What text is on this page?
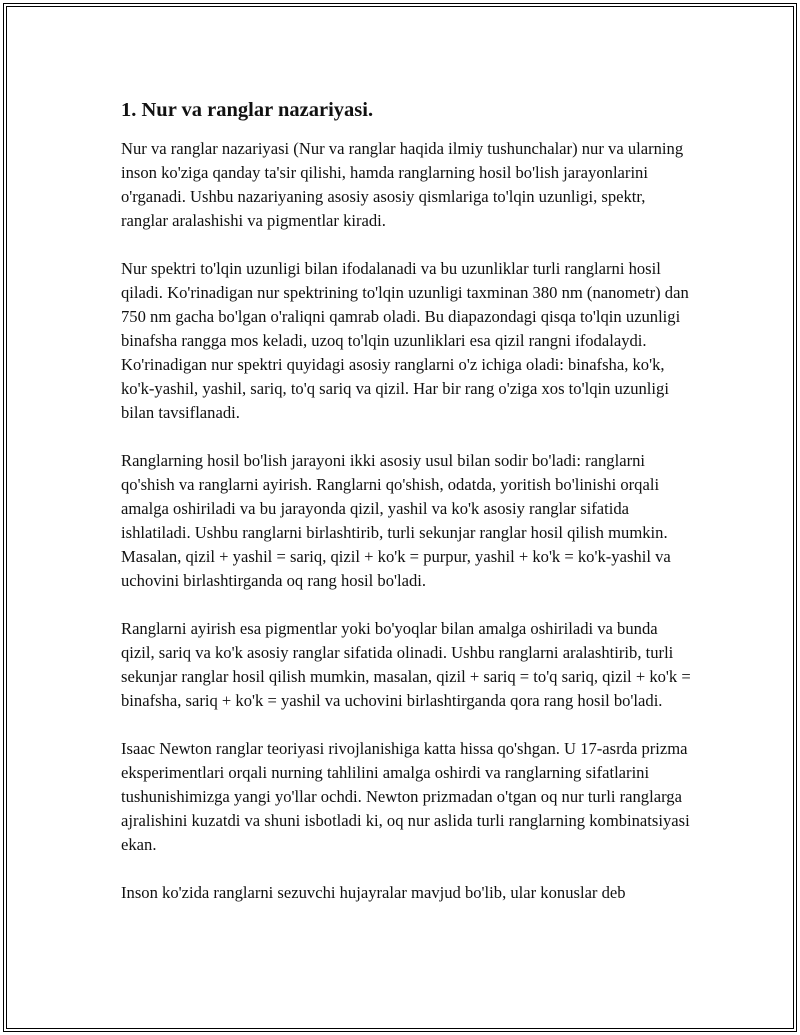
1. Nur va ranglar nazariyasi.

Nur va ranglar nazariyasi (Nur va ranglar haqida ilmiy tushunchalar) nur va ularning inson ko'ziga qanday ta'sir qilishi, hamda ranglarning hosil bo'lish jarayonlarini o'rganadi. Ushbu nazariyaning asosiy asosiy qismlariga to'lqin uzunligi, spektr, ranglar aralashishi va pigmentlar kiradi.

Nur spektri to'lqin uzunligi bilan ifodalanadi va bu uzunliklar turli ranglarni hosil qiladi. Ko'rinadigan nur spektrining to'lqin uzunligi taxminan 380 nm (nanometr) dan 750 nm gacha bo'lgan o'raliqni qamrab oladi. Bu diapazondagi qisqa to'lqin uzunligi binafsha rangga mos keladi, uzoq to'lqin uzunliklari esa qizil rangni ifodalaydi. Ko'rinadigan nur spektri quyidagi asosiy ranglarni o'z ichiga oladi: binafsha, ko'k, ko'k-yashil, yashil, sariq, to'q sariq va qizil. Har bir rang o'ziga xos to'lqin uzunligi bilan tavsiflanadi.

Ranglarning hosil bo'lish jarayoni ikki asosiy usul bilan sodir bo'ladi: ranglarni qo'shish va ranglarni ayirish. Ranglarni qo'shish, odatda, yoritish bo'linishi orqali amalga oshiriladi va bu jarayonda qizil, yashil va ko'k asosiy ranglar sifatida ishlatiladi. Ushbu ranglarni birlashtirib, turli sekunjar ranglar hosil qilish mumkin. Masalan, qizil + yashil = sariq, qizil + ko'k = purpur, yashil + ko'k = ko'k-yashil va uchovini birlashtirganda oq rang hosil bo'ladi.

Ranglarni ayirish esa pigmentlar yoki bo'yoqlar bilan amalga oshiriladi va bunda qizil, sariq va ko'k asosiy ranglar sifatida olinadi. Ushbu ranglarni aralashtirib, turli sekunjar ranglar hosil qilish mumkin, masalan, qizil + sariq = to'q sariq, qizil + ko'k = binafsha, sariq + ko'k = yashil va uchovini birlashtirganda qora rang hosil bo'ladi.

Isaac Newton ranglar teoriyasi rivojlanishiga katta hissa qo'shgan. U 17-asrda prizma eksperimentlari orqali nurning tahlilini amalga oshirdi va ranglarning sifatlarini tushunishimizga yangi yo'llar ochdi. Newton prizmadan o'tgan oq nur turli ranglarga ajralishini kuzatdi va shuni isbotladi ki, oq nur aslida turli ranglarning kombinatsiyasi ekan.

Inson ko'zida ranglarni sezuvchi hujayralar mavjud bo'lib, ular konuslar deb
